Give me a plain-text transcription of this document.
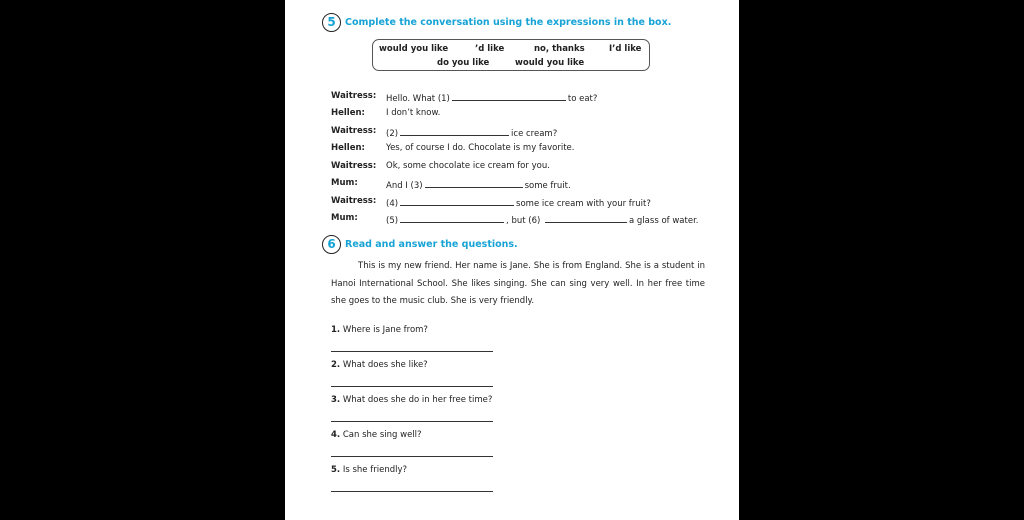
5 Complete the conversation using the expressions in the box.
would you like	’d like	no, thanks	I’d like
do you like	would you like
Waitress: Hello. What (1)	to eat?
Hellen: I don’t know.
Waitress: (2)	ice cream?
Hellen: Yes, of course I do. Chocolate is my favorite.
Waitress: Ok, some chocolate ice cream for you.
Mum:	And I (3)	some fruit.
Waitress: (4)	some ice cream with your fruit?
Mum:	(5)	, but (6)	a glass of water.
6 Read and answer the questions.
This is my new friend. Her name is Jane. She is from England. She is a student in Hanoi International School. She likes singing. She can sing very well. In her free time she goes to the music club. She is very friendly.
1. Where is Jane from?
2. What does she like?
3. What does she do in her free time?
4. Can she sing well?
5. Is she friendly?
